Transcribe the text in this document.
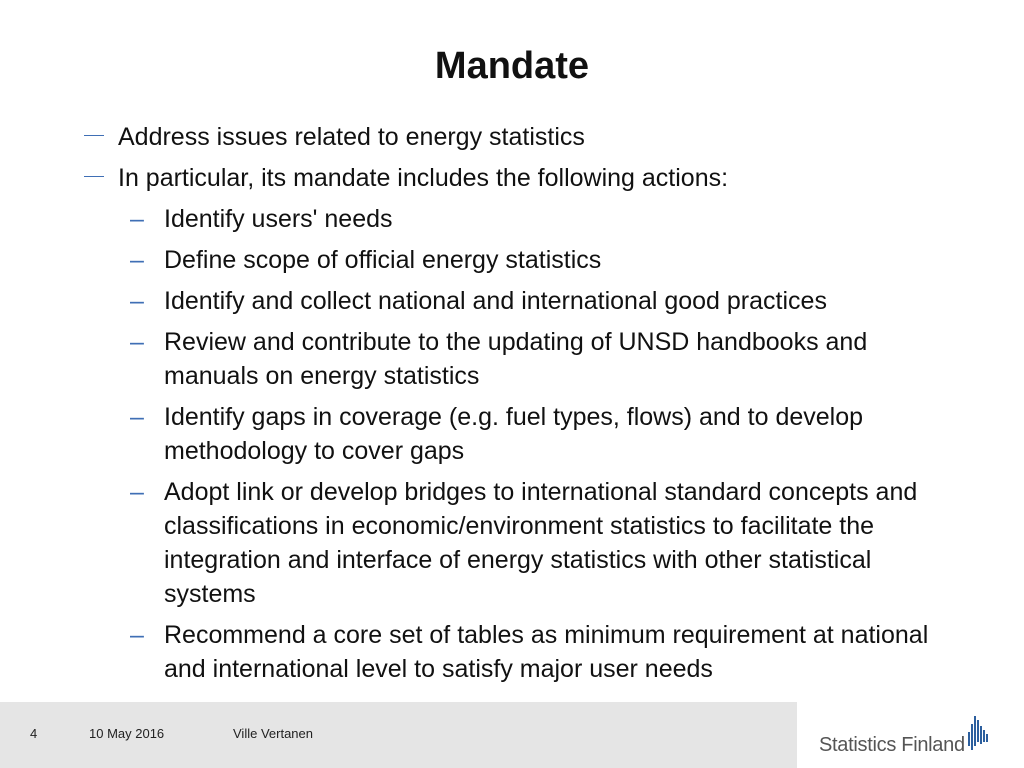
Mandate
Address issues related to energy statistics
In particular, its mandate includes the following actions:
– Identify users' needs
– Define scope of official energy statistics
– Identify and collect national and international good practices
– Review and contribute to the updating of UNSD handbooks and manuals on energy statistics
– Identify gaps in coverage (e.g. fuel types, flows) and to develop methodology to cover gaps
– Adopt link or develop bridges to international standard concepts and classifications in economic/environment statistics to facilitate the integration and interface of energy statistics with other statistical systems
– Recommend a core set of tables as minimum requirement at national and international level to satisfy major user needs
4	10 May 2016	Ville Vertanen
Statistics Finland
